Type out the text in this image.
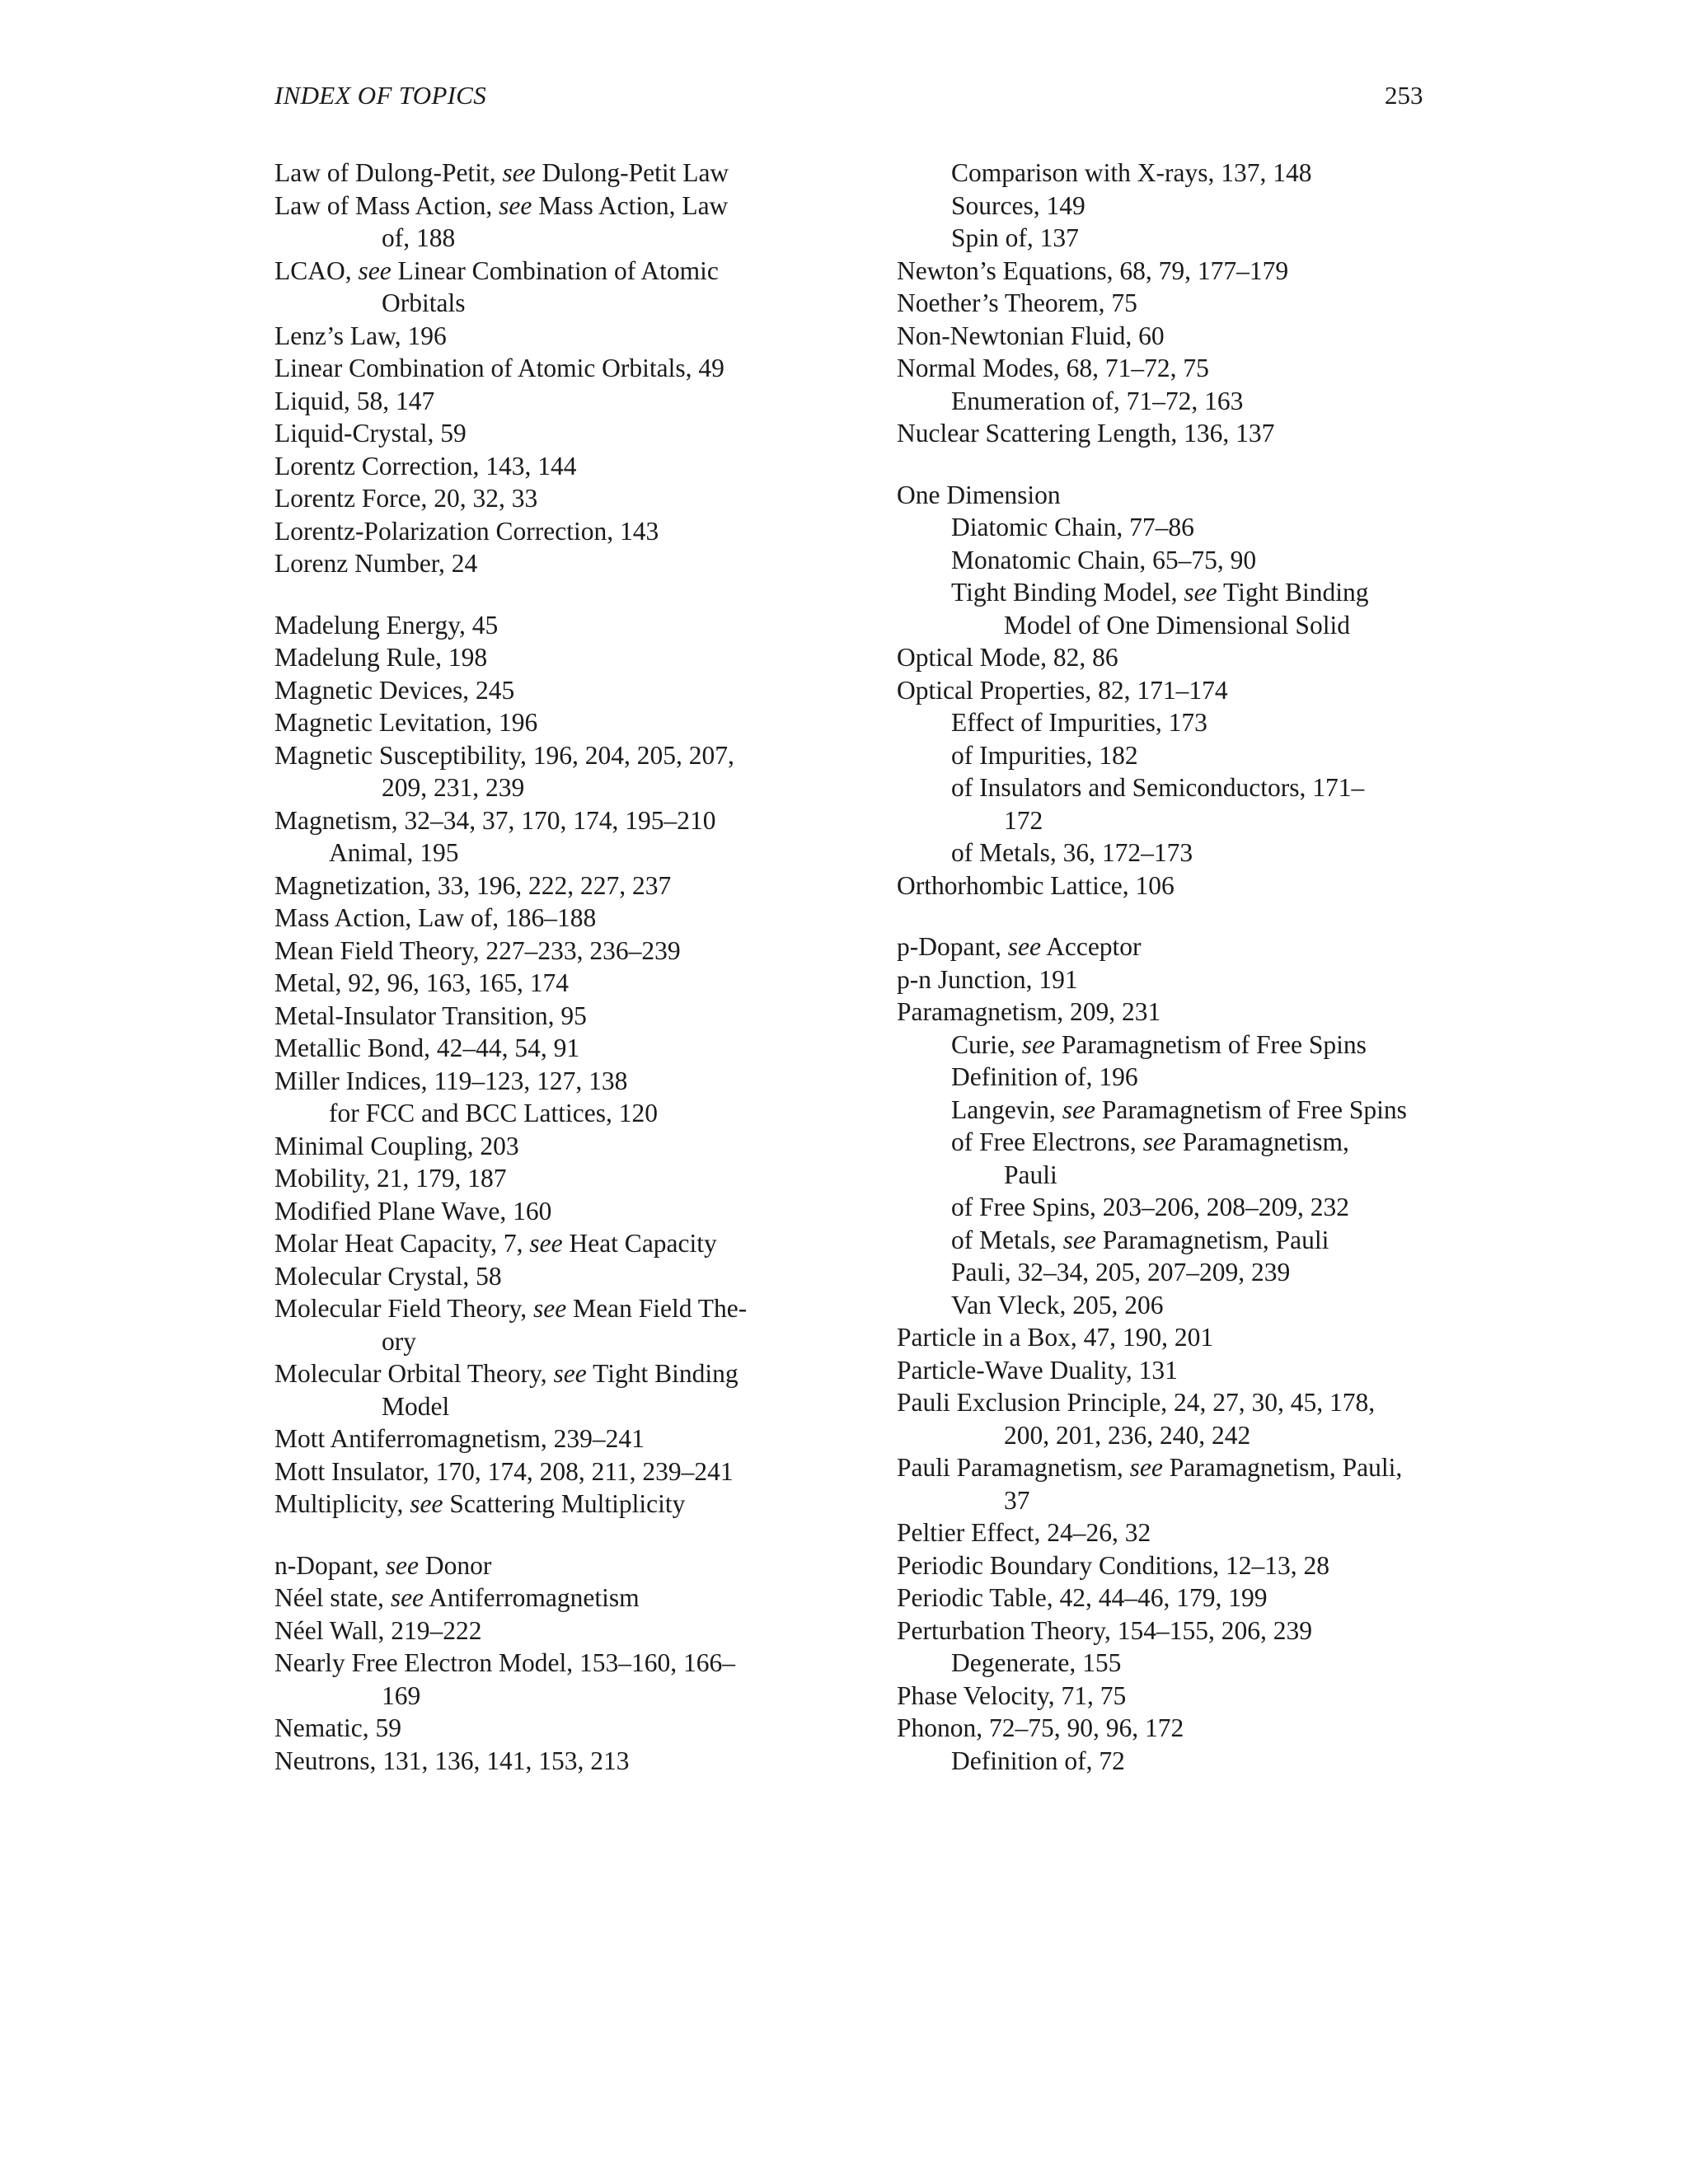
INDEX OF TOPICS	253
Law of Dulong-Petit, see Dulong-Petit Law
Law of Mass Action, see Mass Action, Law
of, 188
LCAO, see Linear Combination of Atomic
Orbitals
Lenz’s Law, 196
Linear Combination of Atomic Orbitals, 49
Liquid, 58, 147
Liquid-Crystal, 59
Lorentz Correction, 143, 144
Lorentz Force, 20, 32, 33
Lorentz-Polarization Correction, 143
Lorenz Number, 24
Madelung Energy, 45
Madelung Rule, 198
Magnetic Devices, 245
Magnetic Levitation, 196
Magnetic Susceptibility, 196, 204, 205, 207,
209, 231, 239
Magnetism, 32–34, 37, 170, 174, 195–210
Animal, 195
Magnetization, 33, 196, 222, 227, 237
Mass Action, Law of, 186–188
Mean Field Theory, 227–233, 236–239
Metal, 92, 96, 163, 165, 174
Metal-Insulator Transition, 95
Metallic Bond, 42–44, 54, 91
Miller Indices, 119–123, 127, 138
for FCC and BCC Lattices, 120
Minimal Coupling, 203
Mobility, 21, 179, 187
Modified Plane Wave, 160
Molar Heat Capacity, 7, see Heat Capacity
Molecular Crystal, 58
Molecular Field Theory, see Mean Field The-
ory
Molecular Orbital Theory, see Tight Binding
Model
Mott Antiferromagnetism, 239–241
Mott Insulator, 170, 174, 208, 211, 239–241
Multiplicity, see Scattering Multiplicity
n-Dopant, see Donor
Néel state, see Antiferromagnetism
Néel Wall, 219–222
Nearly Free Electron Model, 153–160, 166–
169
Nematic, 59
Neutrons, 131, 136, 141, 153, 213
Comparison with X-rays, 137, 148
Sources, 149
Spin of, 137
Newton’s Equations, 68, 79, 177–179
Noether’s Theorem, 75
Non-Newtonian Fluid, 60
Normal Modes, 68, 71–72, 75
Enumeration of, 71–72, 163
Nuclear Scattering Length, 136, 137
One Dimension
Diatomic Chain, 77–86
Monatomic Chain, 65–75, 90
Tight Binding Model, see Tight Binding
Model of One Dimensional Solid
Optical Mode, 82, 86
Optical Properties, 82, 171–174
Effect of Impurities, 173
of Impurities, 182
of Insulators and Semiconductors, 171–
172
of Metals, 36, 172–173
Orthorhombic Lattice, 106
p-Dopant, see Acceptor
p-n Junction, 191
Paramagnetism, 209, 231
Curie, see Paramagnetism of Free Spins
Definition of, 196
Langevin, see Paramagnetism of Free Spins
of Free Electrons, see Paramagnetism,
Pauli
of Free Spins, 203–206, 208–209, 232
of Metals, see Paramagnetism, Pauli
Pauli, 32–34, 205, 207–209, 239
Van Vleck, 205, 206
Particle in a Box, 47, 190, 201
Particle-Wave Duality, 131
Pauli Exclusion Principle, 24, 27, 30, 45, 178,
200, 201, 236, 240, 242
Pauli Paramagnetism, see Paramagnetism, Pauli,
37
Peltier Effect, 24–26, 32
Periodic Boundary Conditions, 12–13, 28
Periodic Table, 42, 44–46, 179, 199
Perturbation Theory, 154–155, 206, 239
Degenerate, 155
Phase Velocity, 71, 75
Phonon, 72–75, 90, 96, 172
Definition of, 72
